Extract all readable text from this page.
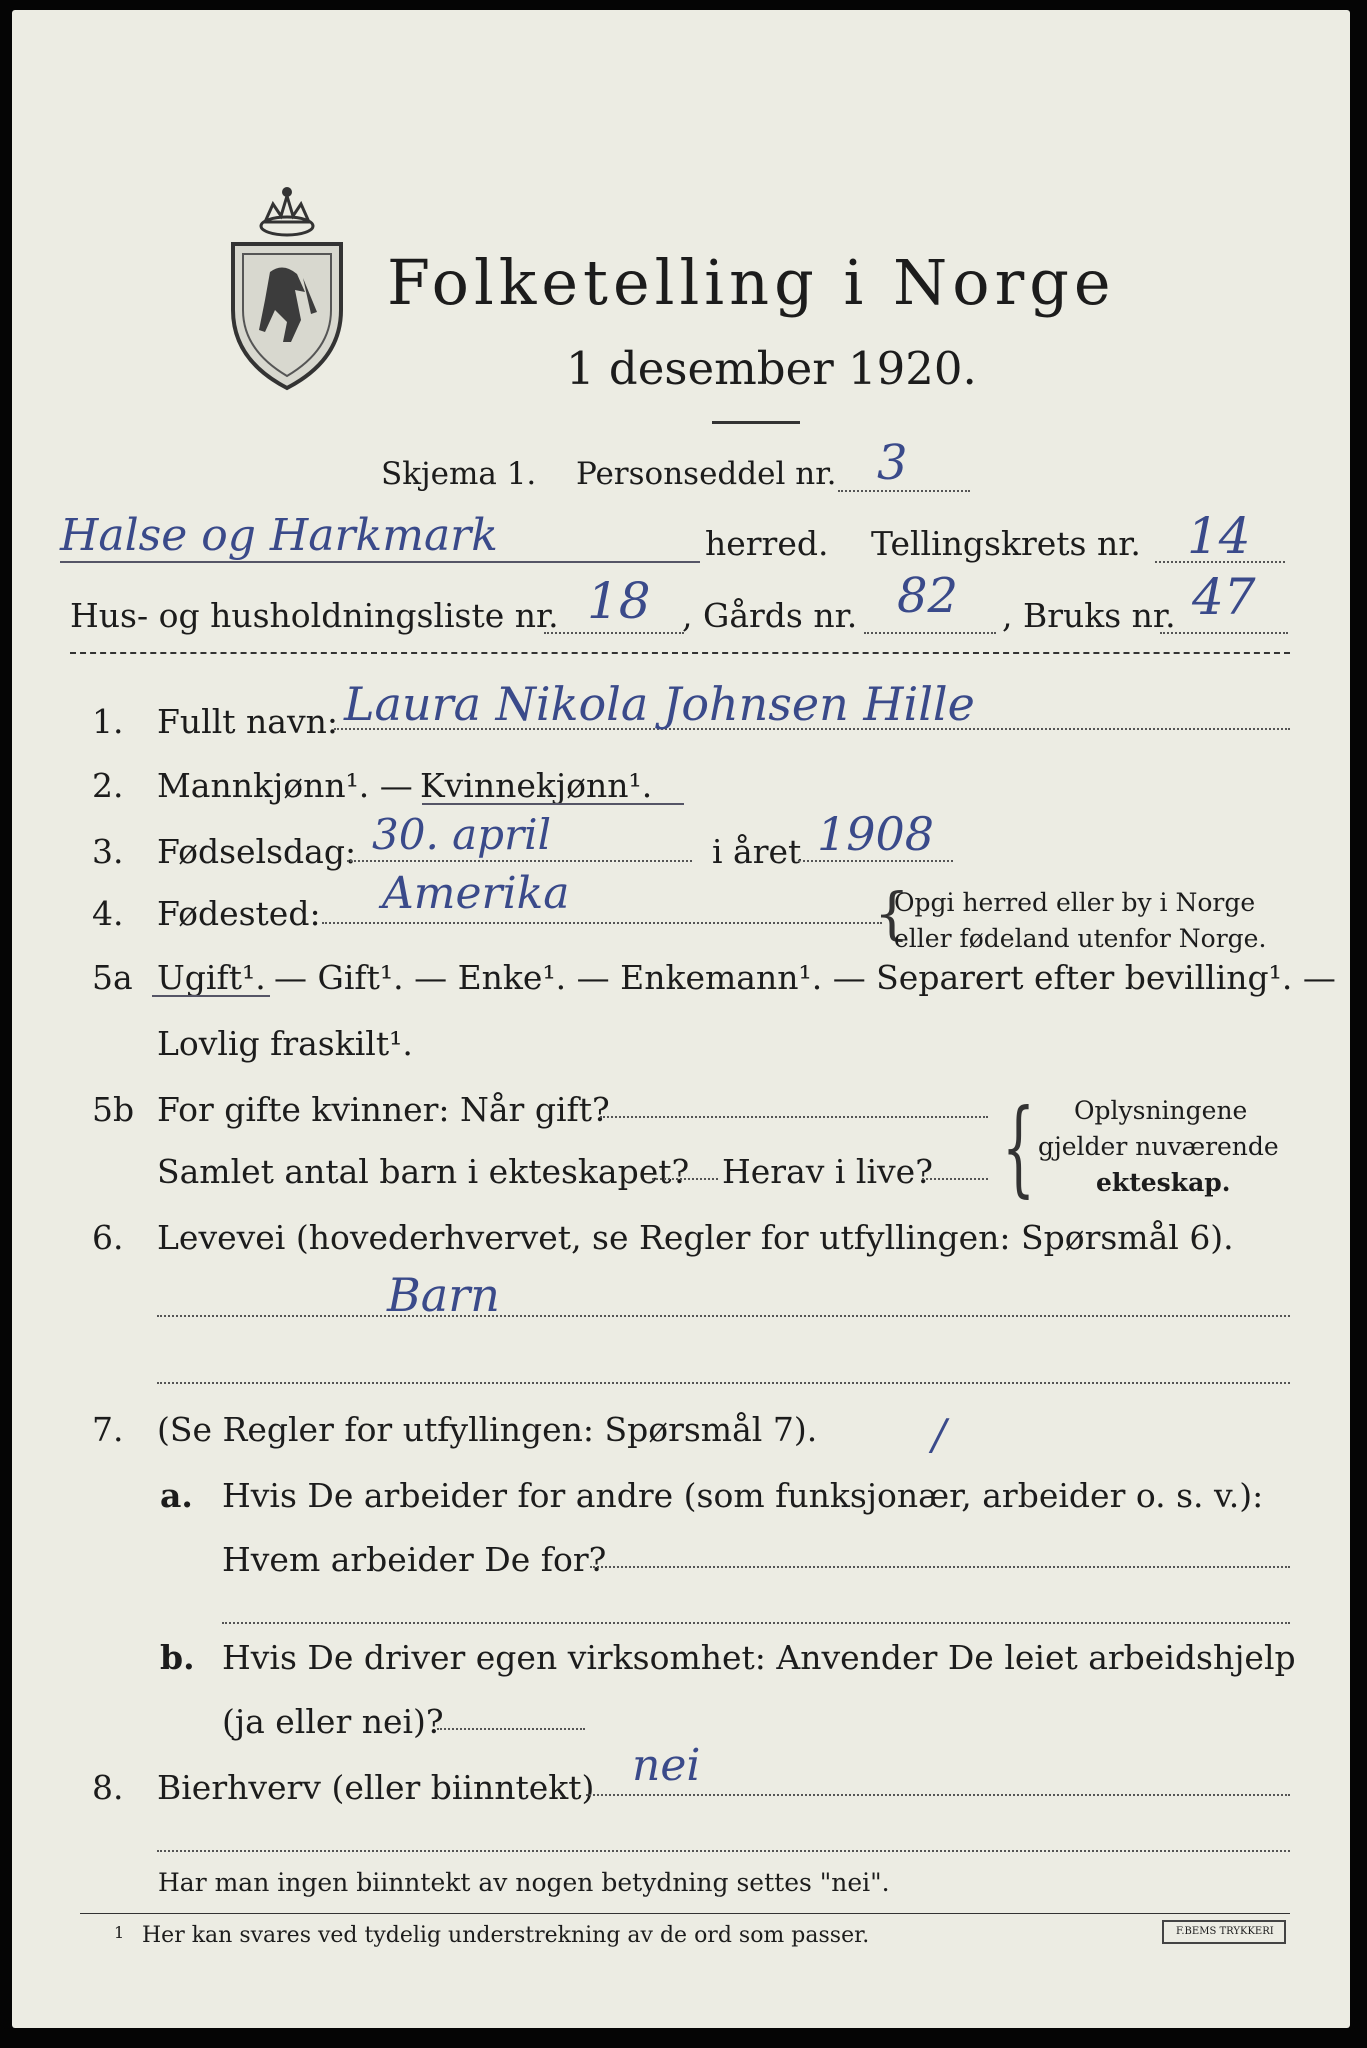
Folketelling i Norge
1 desember 1920.
Skjema 1. Personseddel nr. 3
Halse og Harkmark	herred. Tellingskrets nr. 14
Hus- og husholdningsliste nr. 18 , Gårds nr. 82 , Bruks nr. 47
1. Fullt navn: Laura Nikola Johnsen Hille
2. Mannkjønn¹. — Kvinnekjønn¹.
3. Fødselsdag: 30. april	i året 1908
4. Fødested: Amerika	{
Opgi herred eller by i Norge
eller fødeland utenfor Norge.
5a Ugift¹. — Gift¹. — Enke¹. — Enkemann¹. — Separert efter bevilling¹. —
Lovlig fraskilt¹.
5b For gifte kvinner: Når gift?
Samlet antal barn i ekteskapet? Herav i live? { Oplysningene
gjelder nuværende
ekteskap.
6. Levevei (hovederhvervet, se Regler for utfyllingen: Spørsmål 6).
Barn
7. (Se Regler for utfyllingen: Spørsmål 7).	/
a. Hvis De arbeider for andre (som funksjonær, arbeider o. s. v.):
Hvem arbeider De for?
b. Hvis De driver egen virksomhet: Anvender De leiet arbeidshjelp
(ja eller nei)?
8. Bierhverv (eller biinntekt) nei
Har man ingen biinntekt av nogen betydning settes "nei".
1 Her kan svares ved tydelig understrekning av de ord som passer.	F.BEMS TRYKKERI
